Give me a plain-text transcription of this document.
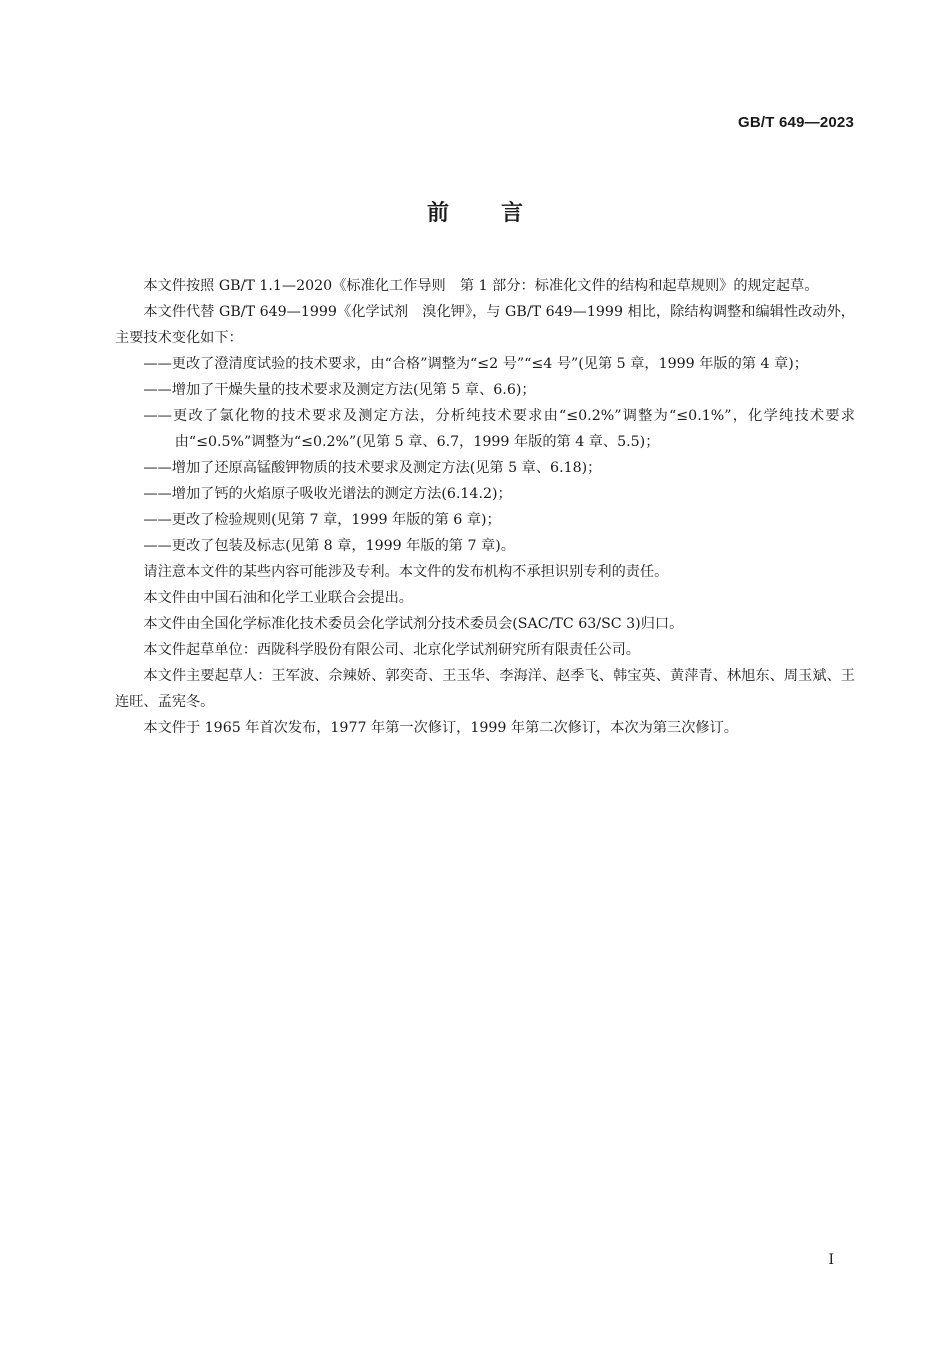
GB/T 649—2023
前言

本文件按照 GB/T 1.1—2020《标准化工作导则　第 1 部分：标准化文件的结构和起草规则》的规定起草。

本文件代替 GB/T 649—1999《化学试剂　溴化钾》，与 GB/T 649—1999 相比，除结构调整和编辑性改动外，主要技术变化如下：

——更改了澄清度试验的技术要求，由“合格”调整为“≤2 号”“≤4 号”(见第 5 章，1999 年版的第 4 章)；
——增加了干燥失量的技术要求及测定方法(见第 5 章、6.6)；
——更改了氯化物的技术要求及测定方法，分析纯技术要求由“≤0.2%”调整为“≤0.1%”，化学纯技术要求由“≤0.5%”调整为“≤0.2%”(见第 5 章、6.7，1999 年版的第 4 章、5.5)；
——增加了还原高锰酸钾物质的技术要求及测定方法(见第 5 章、6.18)；
——增加了钙的火焰原子吸收光谱法的测定方法(6.14.2)；
——更改了检验规则(见第 7 章，1999 年版的第 6 章)；
——更改了包装及标志(见第 8 章，1999 年版的第 7 章)。

请注意本文件的某些内容可能涉及专利。本文件的发布机构不承担识别专利的责任。

本文件由中国石油和化学工业联合会提出。

本文件由全国化学标准化技术委员会化学试剂分技术委员会(SAC/TC 63/SC 3)归口。

本文件起草单位：西陇科学股份有限公司、北京化学试剂研究所有限责任公司。

本文件主要起草人：王军波、佘辣娇、郭奕奇、王玉华、李海洋、赵季飞、韩宝英、黄萍青、林旭东、周玉斌、王连旺、孟宪冬。

本文件于 1965 年首次发布，1977 年第一次修订，1999 年第二次修订，本次为第三次修订。

I
